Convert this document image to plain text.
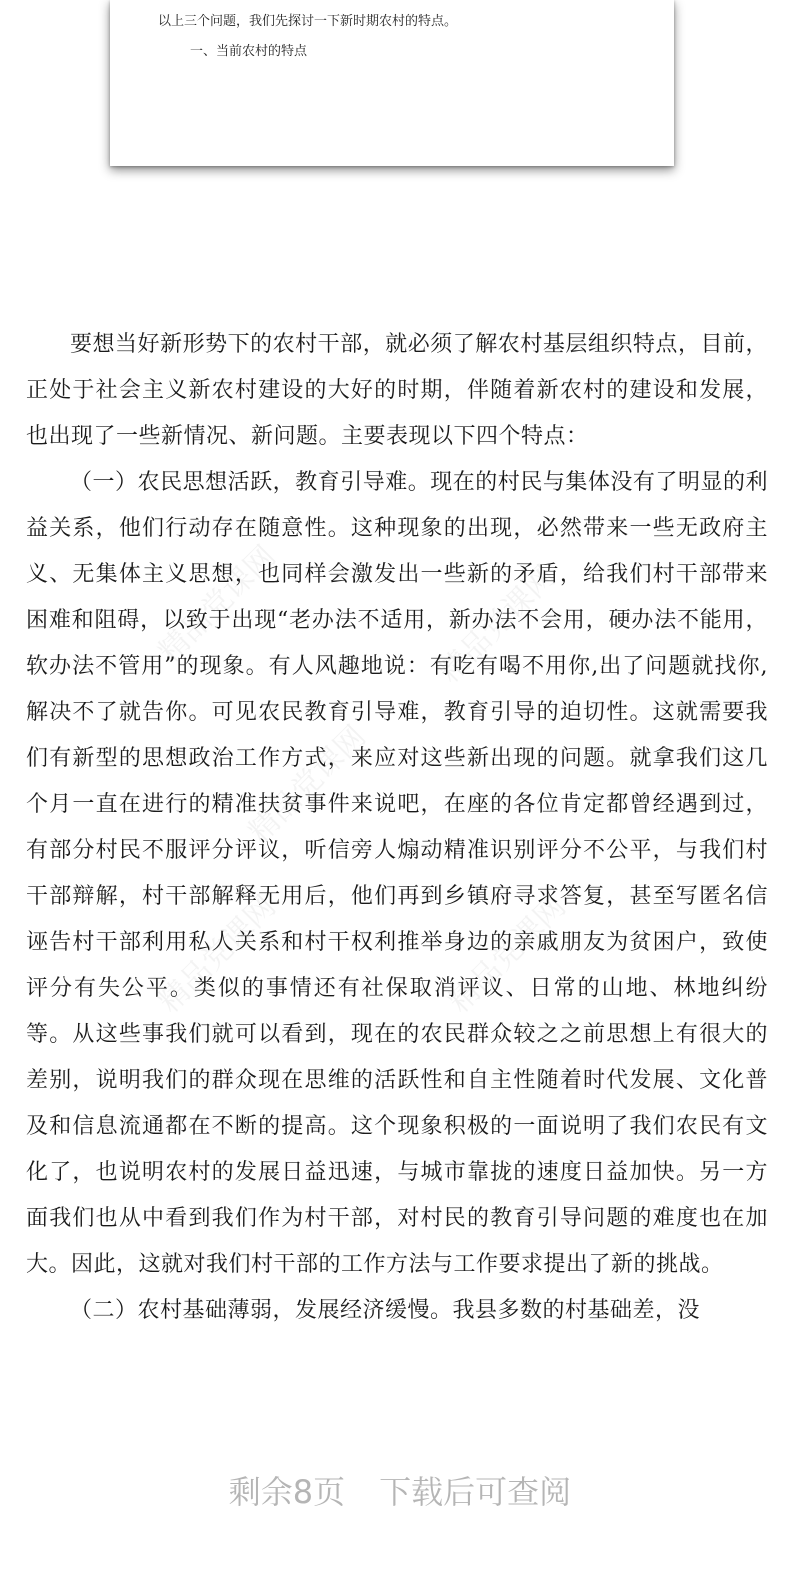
以上三个问题，我们先探讨一下新时期农村的特点。
一、当前农村的特点
精品党课网	精品党课网
精品党课网
精品党课网	精品党课网

要想当好新形势下的农村干部，就必须了解农村基层组织特点，目前，正处于社会主义新农村建设的大好的时期，伴随着新农村的建设和发展，也出现了一些新情况、新问题。主要表现以下四个特点：

（一）农民思想活跃，教育引导难。现在的村民与集体没有了明显的利益关系，他们行动存在随意性。这种现象的出现，必然带来一些无政府主义、无集体主义思想，也同样会激发出一些新的矛盾，给我们村干部带来困难和阻碍，以致于出现“老办法不适用，新办法不会用，硬办法不能用，软办法不管用”的现象。有人风趣地说：有吃有喝不用你,出了问题就找你,解决不了就告你。可见农民教育引导难，教育引导的迫切性。这就需要我们有新型的思想政治工作方式，来应对这些新出现的问题。就拿我们这几个月一直在进行的精准扶贫事件来说吧，在座的各位肯定都曾经遇到过，有部分村民不服评分评议，听信旁人煽动精准识别评分不公平，与我们村干部辩解，村干部解释无用后，他们再到乡镇府寻求答复，甚至写匿名信诬告村干部利用私人关系和村干权利推举身边的亲戚朋友为贫困户，致使评分有失公平。类似的事情还有社保取消评议、日常的山地、林地纠纷等。从这些事我们就可以看到，现在的农民群众较之之前思想上有很大的差别，说明我们的群众现在思维的活跃性和自主性随着时代发展、文化普及和信息流通都在不断的提高。这个现象积极的一面说明了我们农民有文化了，也说明农村的发展日益迅速，与城市靠拢的速度日益加快。另一方面我们也从中看到我们作为村干部，对村民的教育引导问题的难度也在加大。因此，这就对我们村干部的工作方法与工作要求提出了新的挑战。

（二）农村基础薄弱，发展经济缓慢。我县多数的村基础差，没

剩余8页 下载后可查阅
